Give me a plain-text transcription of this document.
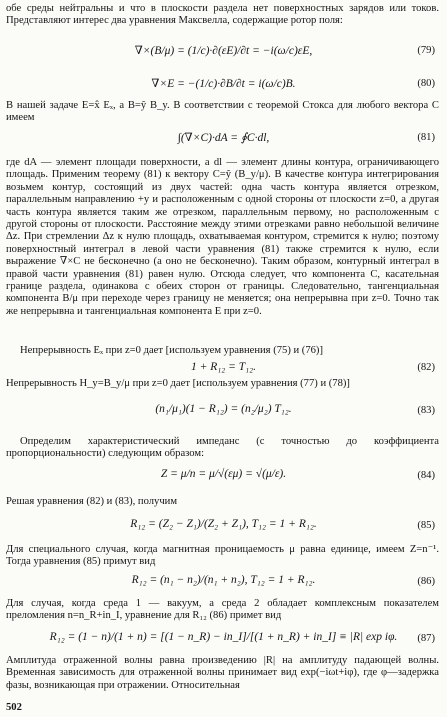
обе среды нейтральны и что в плоскости раздела нет поверхностных зарядов или токов. Представляют интерес два уравнения Максвелла, содержащие ротор поля:

∇×(B/μ) = (1/c)·∂(εE)/∂t = −i(ω/c)εE,	(79)
∇×E = −(1/c)·∂B/∂t = i(ω/c)B.	(80)

В нашей задаче E=x̂ Eₓ, а B=ŷ B_y. В соответствии с теоремой Стокса для любого вектора C имеем

∫(∇×C)·dA = ∮C·dl,	(81)

где dA — элемент площади поверхности, а dl — элемент длины контура, ограничивающего площадь. Применим теорему (81) к вектору C=ŷ (B_y/μ). В качестве контура интегрирования возьмем контур, состоящий из двух частей: одна часть контура является отрезком, параллельным направлению +y и расположенным с одной стороны от плоскости z=0, а другая часть контура является таким же отрезком, параллельным первому, но расположенным с другой стороны от плоскости. Расстояние между этими отрезками равно небольшой величине Δz. При стремлении Δz к нулю площадь, охватываемая контуром, стремится к нулю; поэтому поверхностный интеграл в левой части уравнения (81) также стремится к нулю, если выражение ∇×C не бесконечно (а оно не бесконечно). Таким образом, контурный интеграл в правой части уравнения (81) равен нулю. Отсюда следует, что компонента C, касательная границе раздела, одинакова с обеих сторон от границы. Следовательно, тангенциальная компонента B/μ при переходе через границу не меняется; она непрерывна при z=0. Точно так же непрерывна и тангенциальная компонента E при z=0.

Непрерывность Eₓ при z=0 дает [используем уравнения (75) и (76)]

1 + R₁₂ = T₁₂.	(82)

Непрерывность H_y=B_y/μ при z=0 дает [используем уравнения (77) и (78)]

(n₁/μ₁)(1 − R₁₂) = (n₂/μ₂) T₁₂.	(83)

Определим характеристический импеданс (с точностью до коэффициента пропорциональности) следующим образом:

Z = μ/n = μ/√(εμ) = √(μ/ε).	(84)

Решая уравнения (82) и (83), получим

R₁₂ = (Z₂ − Z₁)/(Z₂ + Z₁), T₁₂ = 1 + R₁₂.	(85)

Для специального случая, когда магнитная проницаемость μ равна единице, имеем Z=n⁻¹. Тогда уравнения (85) примут вид

R₁₂ = (n₁ − n₂)/(n₁ + n₂), T₁₂ = 1 + R₁₂.	(86)

Для случая, когда среда 1 — вакуум, а среда 2 обладает комплексным показателем преломления n=n_R+in_I, уравнение для R₁₂ (86) примет вид

R₁₂ = (1 − n)/(1 + n) = [(1 − n_R) − in_I]/[(1 + n_R) + in_I] ≡ |R| exp iφ.	(87)

Амплитуда отраженной волны равна произведению |R| на амплитуду падающей волны. Временная зависимость для отраженной волны принимает вид exp(−iωt+iφ), где φ—задержка фазы, возникающая при отражении. Относительная

502
